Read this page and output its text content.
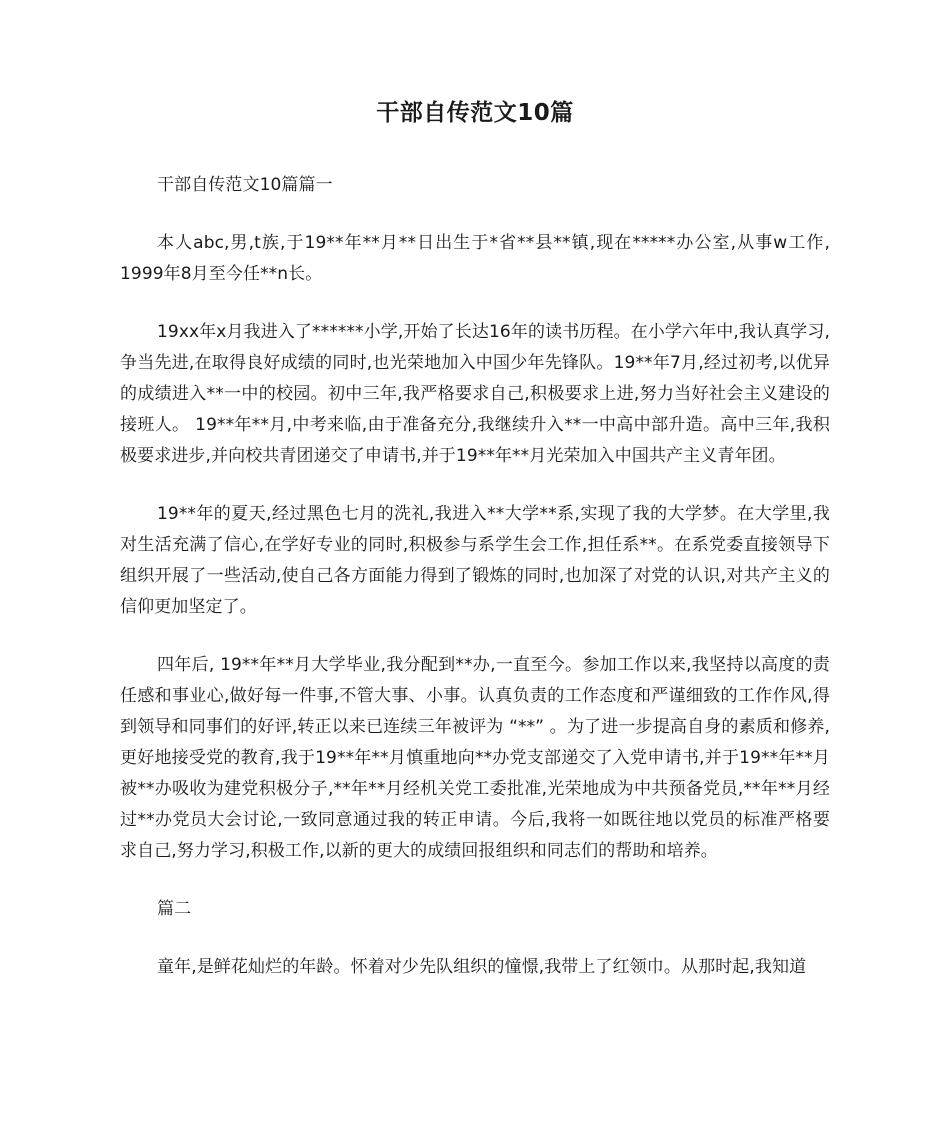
干部自传范文10篇

干部自传范文10篇篇一

本人abc,男,t族,于19**年**月**日出生于*省**县**镇,现在*****办公室,从事w工作, 1999年8月至今任**n长。

19xx年x月我进入了******小学,开始了长达16年的读书历程。在小学六年中,我认真学习,争当先进,在取得良好成绩的同时,也光荣地加入中国少年先锋队。19**年7月,经过初考,以优异的成绩进入**一中的校园。初中三年,我严格要求自己,积极要求上进,努力当好社会主义建设的接班人。 19**年**月,中考来临,由于准备充分,我继续升入**一中高中部升造。高中三年,我积极要求进步,并向校共青团递交了申请书,并于19**年**月光荣加入中国共产主义青年团。

19**年的夏天,经过黑色七月的洗礼,我进入**大学**系,实现了我的大学梦。在大学里,我对生活充满了信心,在学好专业的同时,积极参与系学生会工作,担任系**。在系党委直接领导下组织开展了一些活动,使自己各方面能力得到了锻炼的同时,也加深了对党的认识,对共产主义的信仰更加坚定了。

四年后, 19**年**月大学毕业,我分配到**办,一直至今。参加工作以来,我坚持以高度的责任感和事业心,做好每一件事,不管大事、小事。认真负责的工作态度和严谨细致的工作作风,得到领导和同事们的好评,转正以来已连续三年被评为 “**” 。为了进一步提高自身的素质和修养,更好地接受党的教育,我于19**年**月慎重地向**办党支部递交了入党申请书,并于19**年**月被**办吸收为建党积极分子,**年**月经机关党工委批准,光荣地成为中共预备党员,**年**月经过**办党员大会讨论,一致同意通过我的转正申请。今后,我将一如既往地以党员的标准严格要求自己,努力学习,积极工作,以新的更大的成绩回报组织和同志们的帮助和培养。

篇二

童年,是鲜花灿烂的年龄。怀着对少先队组织的憧憬,我带上了红领巾。从那时起,我知道
